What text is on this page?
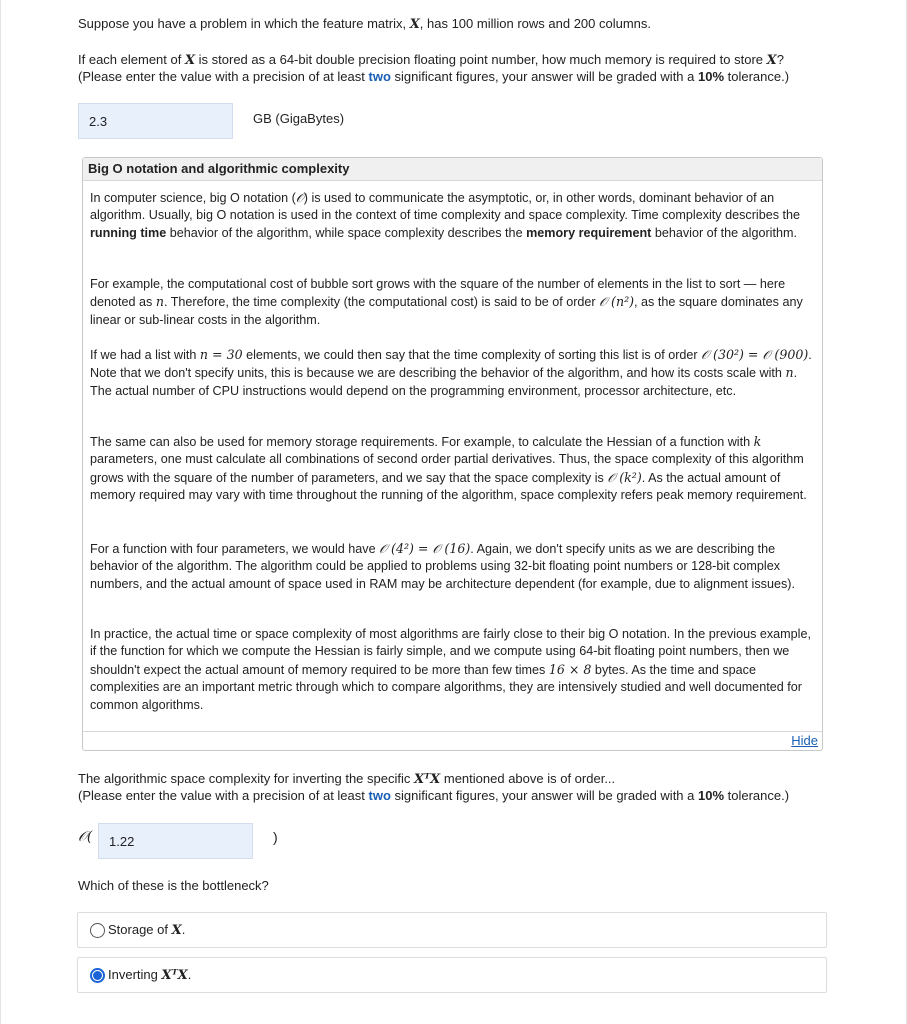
Suppose you have a problem in which the feature matrix, X, has 100 million rows and 200 columns.

If each element of X is stored as a 64-bit double precision floating point number, how much memory is required to store X?

(Please enter the value with a precision of at least two significant figures, your answer will be graded with a 10% tolerance.)

2.3	GB (GigaBytes)
Big O notation and algorithmic complexity

In computer science, big O notation (𝒪) is used to communicate the asymptotic, or, in other words, dominant behavior of an algorithm. Usually, big O notation is used in the context of time complexity and space complexity. Time complexity describes the running time behavior of the algorithm, while space complexity describes the memory requirement behavior of the algorithm.

For example, the computational cost of bubble sort grows with the square of the number of elements in the list to sort — here denoted as n. Therefore, the time complexity (the computational cost) is said to be of order 𝒪 (n²), as the square dominates any linear or sub-linear costs in the algorithm.

If we had a list with n = 30 elements, we could then say that the time complexity of sorting this list is of order 𝒪 (30²) = 𝒪 (900). Note that we don't specify units, this is because we are describing the behavior of the algorithm, and how its costs scale with n. The actual number of CPU instructions would depend on the programming environment, processor architecture, etc.

The same can also be used for memory storage requirements. For example, to calculate the Hessian of a function with k parameters, one must calculate all combinations of second order partial derivatives. Thus, the space complexity of this algorithm grows with the square of the number of parameters, and we say that the space complexity is 𝒪 (k²). As the actual amount of memory required may vary with time throughout the running of the algorithm, space complexity refers peak memory requirement.

For a function with four parameters, we would have 𝒪 (4²) = 𝒪 (16). Again, we don't specify units as we are describing the behavior of the algorithm. The algorithm could be applied to problems using 32-bit floating point numbers or 128-bit complex numbers, and the actual amount of space used in RAM may be architecture dependent (for example, due to alignment issues).

In practice, the actual time or space complexity of most algorithms are fairly close to their big O notation. In the previous example, if the function for which we compute the Hessian is fairly simple, and we compute using 64-bit floating point numbers, then we shouldn't expect the actual amount of memory required to be more than few times 16 × 8 bytes. As the time and space complexities are an important metric through which to compare algorithms, they are intensively studied and well documented for common algorithms.

Hide

The algorithmic space complexity for inverting the specific XᵀX mentioned above is of order...

(Please enter the value with a precision of at least two significant figures, your answer will be graded with a 10% tolerance.)

𝒪( 1.22	)

Which of these is the bottleneck?

Storage of X.
Inverting XᵀX.
